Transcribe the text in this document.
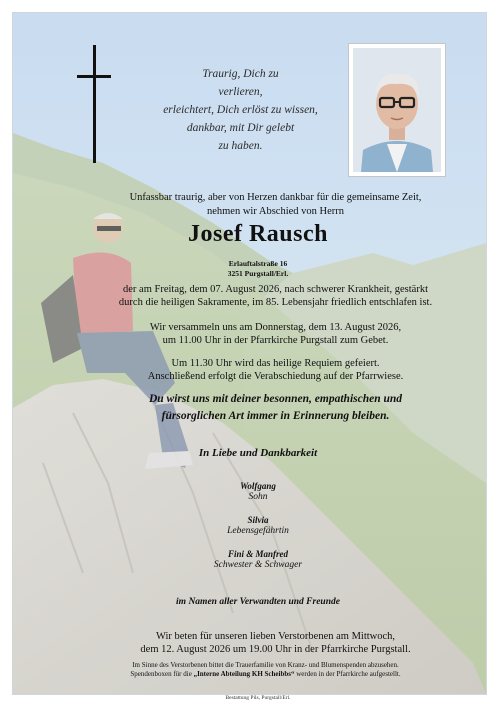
Traurig, Dich zu
verlieren,
erleichtert, Dich erlöst zu wissen,
dankbar, mit Dir gelebt
zu haben.
Unfassbar traurig, aber von Herzen dankbar für die gemeinsame Zeit,
nehmen wir Abschied von Herrn
Josef Rausch
Erlauftalstraße 16
3251 Purgstall/Erl.
der am Freitag, dem 07. August 2026, nach schwerer Krankheit, gestärkt
durch die heiligen Sakramente, im 85. Lebensjahr friedlich entschlafen ist.
Wir versammeln uns am Donnerstag, dem 13. August 2026,
um 11.00 Uhr in der Pfarrkirche Purgstall zum Gebet.
Um 11.30 Uhr wird das heilige Requiem gefeiert.
Anschließend erfolgt die Verabschiedung auf der Pfarrwiese.
Du wirst uns mit deiner besonnen, empathischen und
fürsorglichen Art immer in Erinnerung bleiben.
In Liebe und Dankbarkeit
Wolfgang
Sohn
Silvia
Lebensgefährtin
Fini & Manfred
Schwester & Schwager
im Namen aller Verwandten und Freunde
Wir beten für unseren lieben Verstorbenen am Mittwoch,
dem 12. August 2026 um 19.00 Uhr in der Pfarrkirche Purgstall.
Im Sinne des Verstorbenen bittet die Trauerfamilie von Kranz- und Blumenspenden abzusehen.
Spendenboxen für die „Interne Abteilung KH Scheibbs“ werden in der Pfarrkirche aufgestellt.
Bestattung Pils, Purgstall/Erl.
